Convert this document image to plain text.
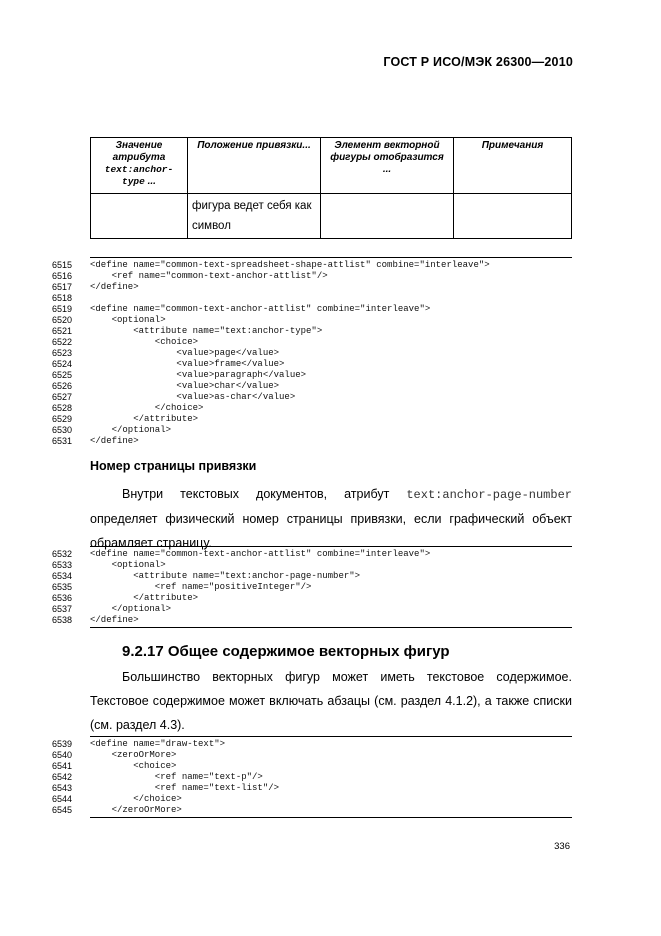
ГОСТ Р ИСО/МЭК 26300—2010
Значение атрибута
text:anchor-type ...	Положение привязки...	Элемент векторной фигуры отобразится ...	Примечания
	фигура ведет себя как символ		
6515	<define name="common-text-spreadsheet-shape-attlist" combine="interleave">
6516	<ref name="common-text-anchor-attlist"/>
6517	</define>
6518
6519	<define name="common-text-anchor-attlist" combine="interleave">
6520	<optional>
6521	<attribute name="text:anchor-type">
6522	<choice>
6523	<value>page</value>
6524	<value>frame</value>
6525	<value>paragraph</value>
6526	<value>char</value>
6527	<value>as-char</value>
6528	</choice>
6529	</attribute>
6530	</optional>
6531	</define>
Номер страницы привязки
Внутри текстовых документов, атрибут text:anchor-page-number определяет физический номер страницы привязки, если графический объект обрамляет страницу.
6532	<define name="common-text-anchor-attlist" combine="interleave">
6533	<optional>
6534	<attribute name="text:anchor-page-number">
6535	<ref name="positiveInteger"/>
6536	</attribute>
6537	</optional>
6538	</define>
9.2.17 Общее содержимое векторных фигур
Большинство векторных фигур может иметь текстовое содержимое. Текстовое содержимое может включать абзацы (см. раздел 4.1.2), а также списки (см. раздел 4.3).
6539	<define name="draw-text">
6540	<zeroOrMore>
6541	<choice>
6542	<ref name="text-p"/>
6543	<ref name="text-list"/>
6544	</choice>
6545	</zeroOrMore>
336
